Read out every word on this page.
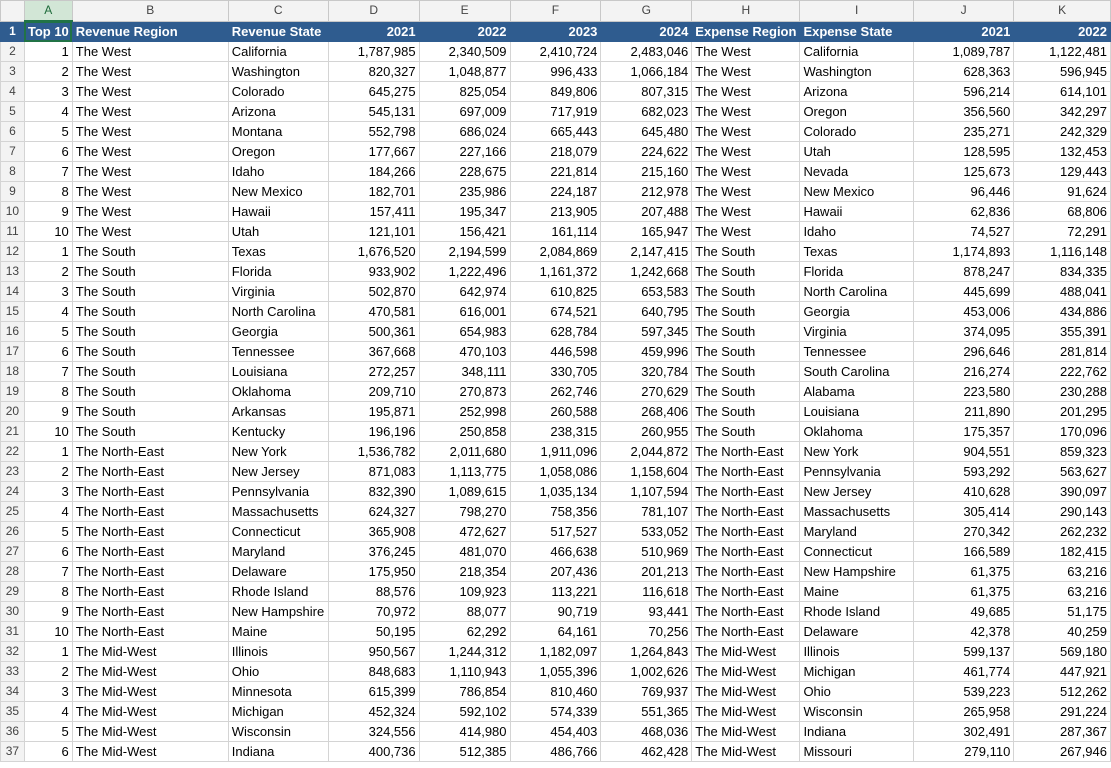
	A	B	C	D	E	F	G	H	I	J	K
1	Top 10	Revenue Region	Revenue State	2021	2022	2023	2024	Expense Region	Expense State	2021	2022
2	1	The West	California	1,787,985	2,340,509	2,410,724	2,483,046	The West	California	1,089,787	1,122,481
3	2	The West	Washington	820,327	1,048,877	996,433	1,066,184	The West	Washington	628,363	596,945
4	3	The West	Colorado	645,275	825,054	849,806	807,315	The West	Arizona	596,214	614,101
5	4	The West	Arizona	545,131	697,009	717,919	682,023	The West	Oregon	356,560	342,297
6	5	The West	Montana	552,798	686,024	665,443	645,480	The West	Colorado	235,271	242,329
7	6	The West	Oregon	177,667	227,166	218,079	224,622	The West	Utah	128,595	132,453
8	7	The West	Idaho	184,266	228,675	221,814	215,160	The West	Nevada	125,673	129,443
9	8	The West	New Mexico	182,701	235,986	224,187	212,978	The West	New Mexico	96,446	91,624
10	9	The West	Hawaii	157,411	195,347	213,905	207,488	The West	Hawaii	62,836	68,806
11	10	The West	Utah	121,101	156,421	161,114	165,947	The West	Idaho	74,527	72,291
12	1	The South	Texas	1,676,520	2,194,599	2,084,869	2,147,415	The South	Texas	1,174,893	1,116,148
13	2	The South	Florida	933,902	1,222,496	1,161,372	1,242,668	The South	Florida	878,247	834,335
14	3	The South	Virginia	502,870	642,974	610,825	653,583	The South	North Carolina	445,699	488,041
15	4	The South	North Carolina	470,581	616,001	674,521	640,795	The South	Georgia	453,006	434,886
16	5	The South	Georgia	500,361	654,983	628,784	597,345	The South	Virginia	374,095	355,391
17	6	The South	Tennessee	367,668	470,103	446,598	459,996	The South	Tennessee	296,646	281,814
18	7	The South	Louisiana	272,257	348,111	330,705	320,784	The South	South Carolina	216,274	222,762
19	8	The South	Oklahoma	209,710	270,873	262,746	270,629	The South	Alabama	223,580	230,288
20	9	The South	Arkansas	195,871	252,998	260,588	268,406	The South	Louisiana	211,890	201,295
21	10	The South	Kentucky	196,196	250,858	238,315	260,955	The South	Oklahoma	175,357	170,096
22	1	The North-East	New York	1,536,782	2,011,680	1,911,096	2,044,872	The North-East	New York	904,551	859,323
23	2	The North-East	New Jersey	871,083	1,113,775	1,058,086	1,158,604	The North-East	Pennsylvania	593,292	563,627
24	3	The North-East	Pennsylvania	832,390	1,089,615	1,035,134	1,107,594	The North-East	New Jersey	410,628	390,097
25	4	The North-East	Massachusetts	624,327	798,270	758,356	781,107	The North-East	Massachusetts	305,414	290,143
26	5	The North-East	Connecticut	365,908	472,627	517,527	533,052	The North-East	Maryland	270,342	262,232
27	6	The North-East	Maryland	376,245	481,070	466,638	510,969	The North-East	Connecticut	166,589	182,415
28	7	The North-East	Delaware	175,950	218,354	207,436	201,213	The North-East	New Hampshire	61,375	63,216
29	8	The North-East	Rhode Island	88,576	109,923	113,221	116,618	The North-East	Maine	61,375	63,216
30	9	The North-East	New Hampshire	70,972	88,077	90,719	93,441	The North-East	Rhode Island	49,685	51,175
31	10	The North-East	Maine	50,195	62,292	64,161	70,256	The North-East	Delaware	42,378	40,259
32	1	The Mid-West	Illinois	950,567	1,244,312	1,182,097	1,264,843	The Mid-West	Illinois	599,137	569,180
33	2	The Mid-West	Ohio	848,683	1,110,943	1,055,396	1,002,626	The Mid-West	Michigan	461,774	447,921
34	3	The Mid-West	Minnesota	615,399	786,854	810,460	769,937	The Mid-West	Ohio	539,223	512,262
35	4	The Mid-West	Michigan	452,324	592,102	574,339	551,365	The Mid-West	Wisconsin	265,958	291,224
36	5	The Mid-West	Wisconsin	324,556	414,980	454,403	468,036	The Mid-West	Indiana	302,491	287,367
37	6	The Mid-West	Indiana	400,736	512,385	486,766	462,428	The Mid-West	Missouri	279,110	267,946
